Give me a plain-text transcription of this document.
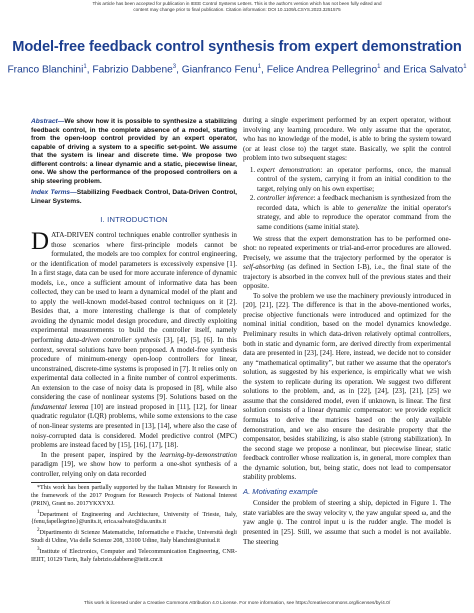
This article has been accepted for publication in IEEE Control Systems Letters. This is the author's version which has not been fully edited and
content may change prior to final publication. Citation information: DOI 10.1109/LCSYS.2023.3251575
Model-free feedback control synthesis from expert demonstration
Franco Blanchini$^1$, Fabrizio Dabbene$^3$, Gianfranco Fenu$^1$, Felice Andrea Pellegrino$^1$ and Erica Salvato$^1$

Abstract—We show how it is possible to synthesize a stabilizing feedback control, in the complete absence of a model, starting from the open-loop control provided by an expert operator, capable of driving a system to a specific set-point. We assume that the system is linear and discrete time. We propose two different controls: a linear dynamic and a static, piecewise linear, one. We show the performance of the proposed controllers on a ship steering problem.

Index Terms—Stabilizing Feedback Control, Data-Driven Control, Linear Systems.

I. INTRODUCTION

DATA-DRIVEN control techniques enable controller synthesis in those scenarios where first-principle models cannot be formulated, the models are too complex for control engineering, or the identification of model parameters is excessively expensive [1]. In a first stage, data can be used for more accurate inference of dynamic models, i.e., once a sufficient amount of informative data has been collected, they can be used to learn a dynamical model of the plant and to apply the well-known model-based control techniques on it [2]. Besides that, a more interesting challenge is that of completely avoiding the dynamic model design procedure, and directly exploiting experimental measurements to build the controller itself, namely performing data-driven controller synthesis [3], [4], [5], [6]. In this context, several solutions have been proposed. A model-free synthesis procedure of minimum-energy open-loop controllers for linear, unconstrained, discrete-time systems is proposed in [7]. It relies only on experimental data collected in a finite number of control experiments. An extension to the case of noisy data is proposed in [8], while also considering the case of nonlinear systems [9]. Solutions based on the fundamental lemma [10] are instead proposed in [11], [12], for linear quadratic regulator (LQR) problems, while some extensions to the case of non-linear systems are presented in [13], [14], where also the case of noisy-corrupted data is considered. Model predictive control (MPC) problems are instead faced by [15], [16], [17], [18].

In the present paper, inspired by the learning-by-demonstration paradigm [19], we show how to perform a one-shot synthesis of a controller, relying only on data recorded

*This work has been partially supported by the Italian Ministry for Research in the framework of the 2017 Program for Research Projects of National Interest (PRIN), Grant no. 2017YKXYXJ.

$^1$Department of Engineering and Architecture, University of Trieste, Italy, {fenu,fapellegrino}@units.it, erica.salvato@dia.units.it

$^2$Dipartimento di Scienze Matematiche, Informatiche e Fisiche, Università degli Studi di Udine, Via delle Scienze 208, 33100 Udine, Italy blanchini@uniud.it

$^3$Institute of Electronics, Computer and Telecommunication Engineering, CNR-IEIIT, 10129 Turin, Italy fabrizio.dabbene@ieiit.cnr.it

during a single experiment performed by an expert operator, without involving any learning procedure. We only assume that the operator, who has no knowledge of the model, is able to bring the system toward (or at least close to) the target state. Basically, we split the control problem into two subsequent stages:

1. expert demonstration: an operator performs, once, the manual control of the system, carrying it from an initial condition to the target, relying only on his own expertise;
2. controller inference: a feedback mechanism is synthesized from the recorded data, which is able to generalize the initial operator's strategy, and able to reproduce the operator command from the same conditions (same initial state).

We stress that the expert demonstration has to be performed one-shot: no repeated experiments or trial-and-error procedures are allowed. Precisely, we assume that the trajectory performed by the operator is self-absorbing (as defined in Section I-B), i.e., the final state of the trajectory is absorbed in the convex hull of the previous states and their opposite.

To solve the problem we use the machinery previously introduced in [20], [21], [22]. The difference is that in the above-mentioned works, precise objective functionals were introduced and optimized for the nominal initial condition, based on the model dynamics knowledge. Preliminary results in which data-driven relatively optimal controllers, both in static and dynamic form, are derived directly from experimental data are presented in [23], [24]. Here, instead, we decide not to consider any “mathematical optimality”, but rather we assume that the operator's solution, as suggested by his experience, is empirically what we wish the system to replicate during its operation. We suggest two different solutions to the problem, and, as in [22], [24], [23], [21], [25] we assume that the considered model, even if unknown, is linear. The first solution consists of a linear dynamic compensator: we provide explicit formulas to derive the matrices based on the only available demonstration, and we also ensure the desirable property that the compensator, besides stabilizing, is also stable (strong stabilization). In the second stage we propose a nonlinear, but piecewise linear, static feedback controller whose realization is, in general, more complex than the dynamic solution, but, being static, does not lead to compensator stability problems.

A. Motivating example

Consider the problem of steering a ship, depicted in Figure 1. The state variables are the sway velocity v, the yaw angular speed ω, and the yaw angle ψ. The control input u is the rudder angle. The model is presented in [25]. Still, we assume that such a model is not available. The steering

This work is licensed under a Creative Commons Attribution 4.0 License. For more information, see https://creativecommons.org/licenses/by/4.0/
